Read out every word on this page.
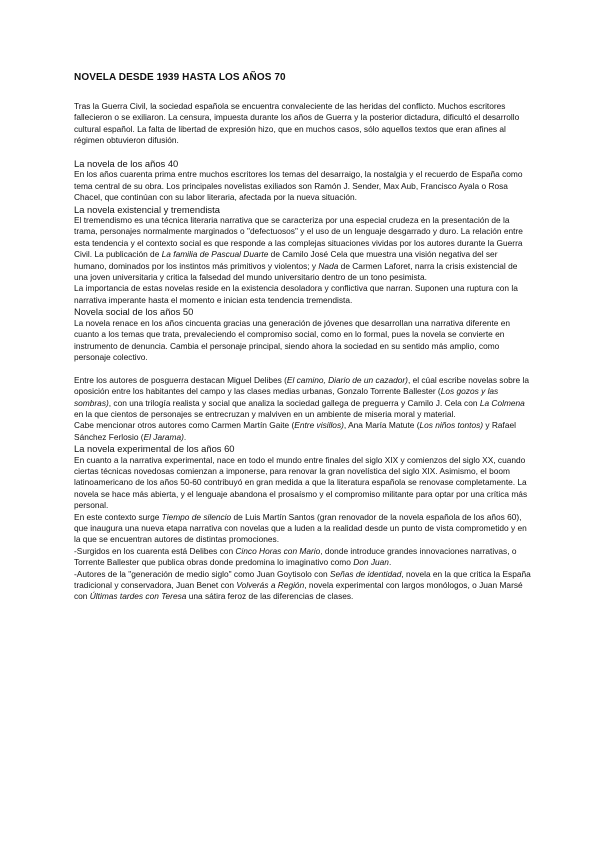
NOVELA DESDE 1939 HASTA LOS AÑOS 70

Tras la Guerra Civil, la sociedad española se encuentra convaleciente de las heridas del conflicto. Muchos escritores fallecieron o se exiliaron. La censura, impuesta durante los años de Guerra y la posterior dictadura, dificultó el desarrollo cultural español. La falta de libertad de expresión hizo, que en muchos casos, sólo aquellos textos que eran afines al régimen obtuvieron difusión.

La novela de los años 40

En los años cuarenta prima entre muchos escritores los temas del desarraigo, la nostalgia y el recuerdo de España como tema central de su obra. Los principales novelistas exiliados son Ramón J. Sender, Max Aub, Francisco Ayala o Rosa Chacel, que continúan con su labor literaria, afectada por la nueva situación.

La novela existencial y tremendista

El tremendismo es una técnica literaria narrativa que se caracteriza por una especial crudeza en la presentación de la trama, personajes normalmente marginados o "defectuosos" y el uso de un lenguaje desgarrado y duro. La relación entre esta tendencia y el contexto social es que responde a las complejas situaciones vividas por los autores durante la Guerra Civil. La publicación de La familia de Pascual Duarte de Camilo José Cela que muestra una visión negativa del ser humano, dominados por los instintos más primitivos y violentos; y Nada de Carmen Laforet, narra la crisis existencial de una joven universitaria y critica la falsedad del mundo universitario dentro de un tono pesimista.

La importancia de estas novelas reside en la existencia desoladora y conflictiva que narran. Suponen una ruptura con la narrativa imperante hasta el momento e inician esta tendencia tremendista.

Novela social de los años 50

La novela renace en los años cincuenta gracias una generación de jóvenes que desarrollan una narrativa diferente en cuanto a los temas que trata, prevaleciendo el compromiso social, como en lo formal, pues la novela se convierte en instrumento de denuncia. Cambia el personaje principal, siendo ahora la sociedad en su sentido más amplio, como personaje colectivo.

Entre los autores de posguerra destacan Miguel Delibes (El camino, Diario de un cazador), el cúal escribe novelas sobre la oposición entre los habitantes del campo y las clases medias urbanas, Gonzalo Torrente Ballester (Los gozos y las sombras), con una trilogía realista y social que analiza la sociedad gallega de preguerra y Camilo J. Cela con La Colmena en la que cientos de personajes se entrecruzan y malviven en un ambiente de miseria moral y material.

Cabe mencionar otros autores como Carmen Martín Gaite (Entre visillos), Ana María Matute (Los niños tontos) y Rafael Sánchez Ferlosio (El Jarama).

La novela experimental de los años 60

En cuanto a la narrativa experimental, nace en todo el mundo entre finales del siglo XIX y comienzos del siglo XX, cuando ciertas técnicas novedosas comienzan a imponerse, para renovar la gran novelística del siglo XIX. Asimismo, el boom latinoamericano de los años 50-60 contribuyó en gran medida a que la literatura española se renovase completamente. La novela se hace más abierta, y el lenguaje abandona el prosaísmo y el compromiso militante para optar por una crítica más personal.

En este contexto surge Tiempo de silencio de Luis Martín Santos (gran renovador de la novela española de los años 60), que inaugura una nueva etapa narrativa con novelas que a luden a la realidad desde un punto de vista comprometido y en la que se encuentran autores de distintas promociones.

-Surgidos en los cuarenta está Delibes con Cinco Horas con Mario, donde introduce grandes innovaciones narrativas, o Torrente Ballester que publica obras donde predomina lo imaginativo como Don Juan.

-Autores de la "generación de medio siglo" como Juan Goytisolo con Señas de identidad, novela en la que critica la España tradicional y conservadora, Juan Benet con Volverás a Región, novela experimental con largos monólogos, o Juan Marsé con Últimas tardes con Teresa una sátira feroz de las diferencias de clases.
